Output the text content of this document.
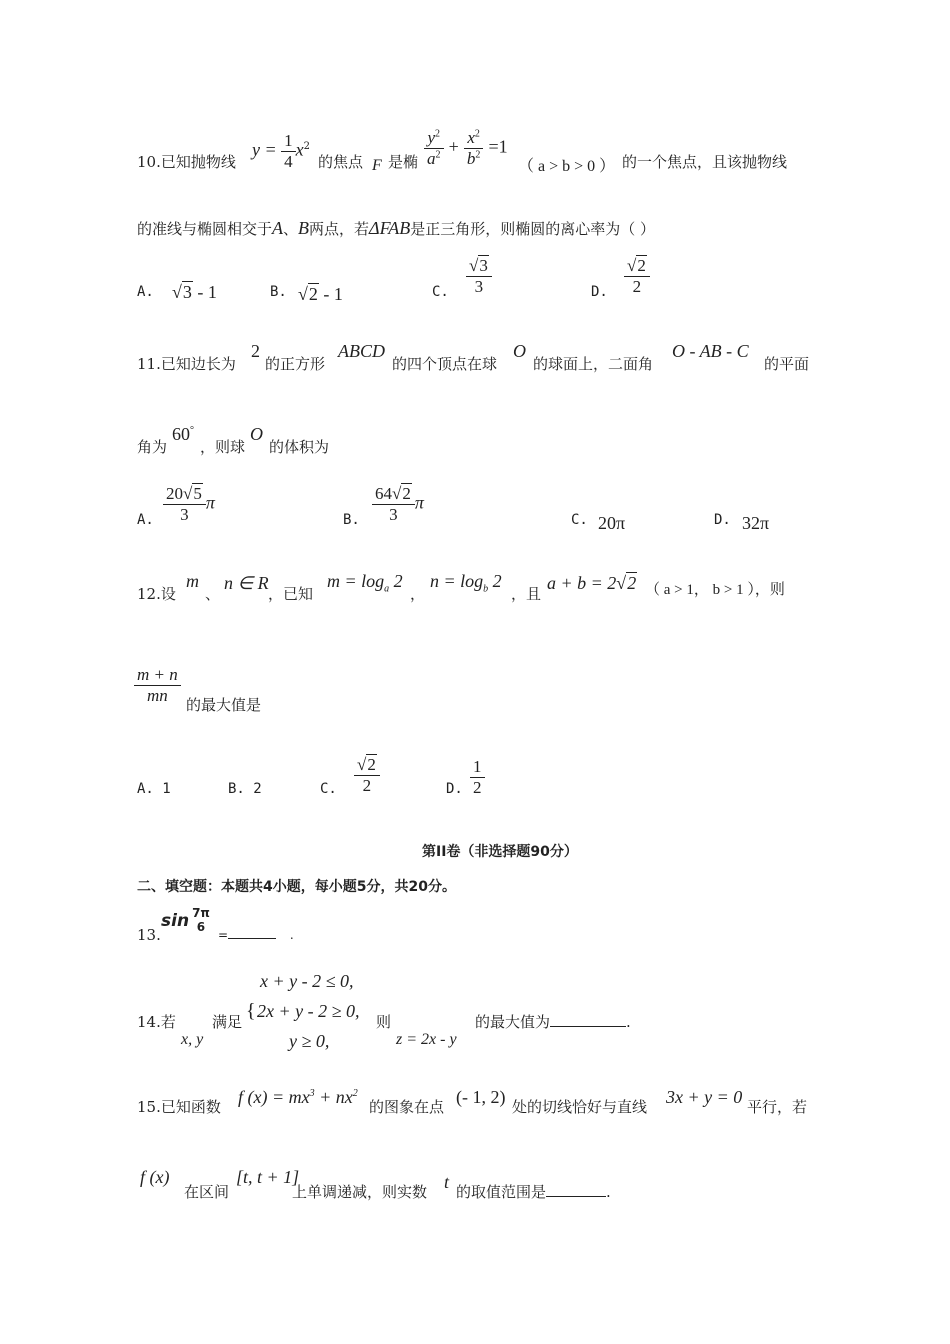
10.已知抛物线
$y = \frac{1}{4} x^2$
的焦点 F 是椭 $\frac{y^2}{a^2} + \frac{x^2}{b^2} =1$
（ a > b > 0 ） 的一个焦点，且该抛物线
的准线与椭圆相交于A、B两点，若ΔFAB是正三角形，则椭圆的离心率为（ ）
A. √3 - 1	B. √2 - 1	C. $\frac{√3}{3}$	D. $\frac{√2}{2}$
11.已知边长为
2
的正方形
ABCD
的四个顶点在球
O
的球面上，二面角
O - AB - C
的平面
角为
60°
，则球
O
的体积为
A. $\frac{20√5}{3}$ π
B. $\frac{64√2}{3}$ π
C. 20π	D. 32π
12.设
m
、
n ∈ R
，已知
$m = \log_a 2$
，
$n = \log_b 2$
，且
a + b = 2√2 （ a > 1， b > 1 ），则
$\frac{m + n}{mn}$ 的最大值是
A. 1	B. 2	C. $\frac{√2}{2}$	D. $\frac{1}{2}$
第II卷（非选择题90分）
二、填空题：本题共4小题，每小题5分，共20分。
13.
sin 7π
6
=	.
x + y - 2 ≤ 0,
14.若
x, y
满足 { 2x + y - 2 ≥ 0,
y ≥ 0,
则
z = 2x - y
的最大值为	.
15.已知函数 f $(x) = mx^3 + nx^2$
的图象在点 (- 1, 2) 处的切线恰好与直线 3x + y = 0 平行，若
f (x)
在区间
[t, t + 1]
上单调递减，则实数 t 的取值范围是	.
